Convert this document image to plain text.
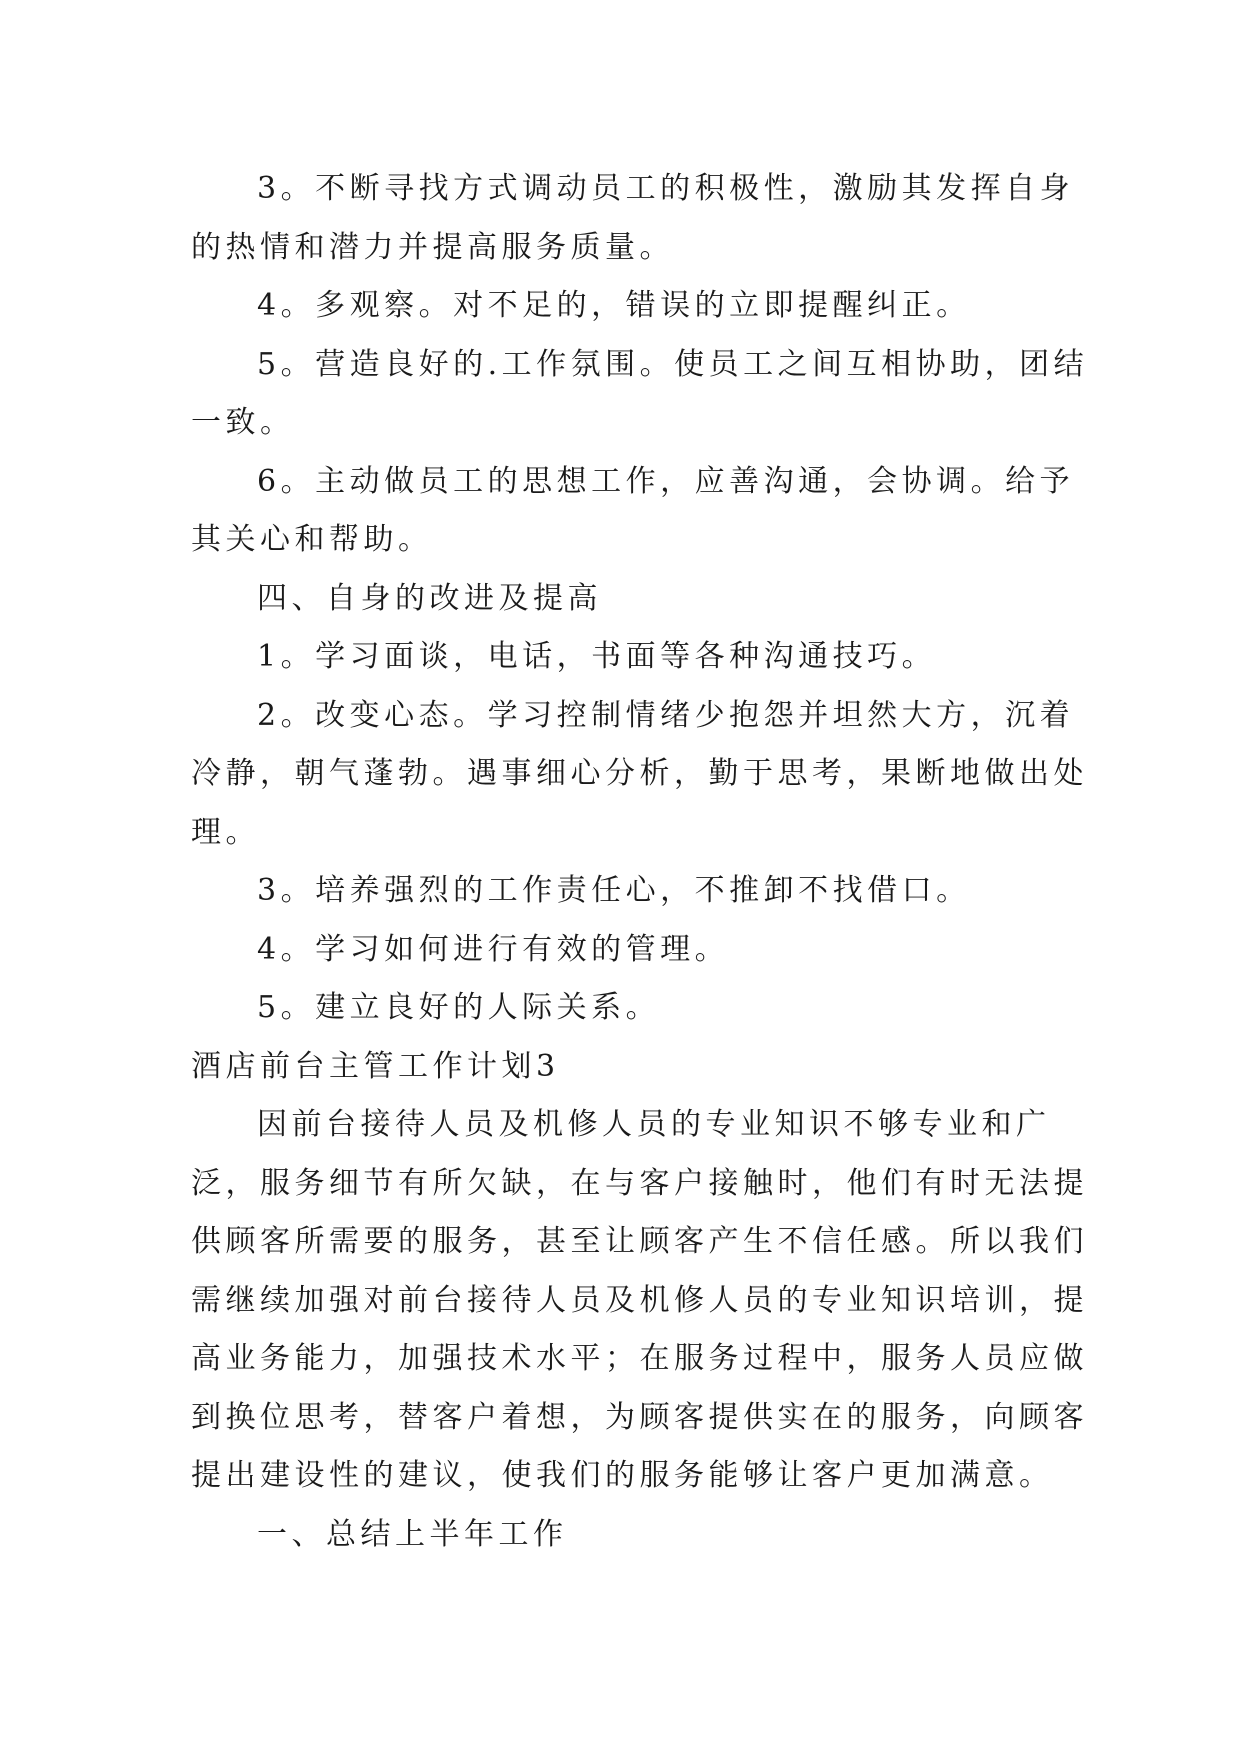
3。不断寻找方式调动员工的积极性，激励其发挥自身

的热情和潜力并提高服务质量。

4。多观察。对不足的，错误的立即提醒纠正。

5。营造良好的.工作氛围。使员工之间互相协助，团结

一致。

6。主动做员工的思想工作，应善沟通，会协调。给予

其关心和帮助。

四、自身的改进及提高

1。学习面谈，电话，书面等各种沟通技巧。

2。改变心态。学习控制情绪少抱怨并坦然大方，沉着

冷静，朝气蓬勃。遇事细心分析，勤于思考，果断地做出处

理。

3。培养强烈的工作责任心，不推卸不找借口。

4。学习如何进行有效的管理。

5。建立良好的人际关系。

酒店前台主管工作计划3

因前台接待人员及机修人员的专业知识不够专业和广

泛，服务细节有所欠缺，在与客户接触时，他们有时无法提

供顾客所需要的服务，甚至让顾客产生不信任感。所以我们

需继续加强对前台接待人员及机修人员的专业知识培训，提

高业务能力，加强技术水平；在服务过程中，服务人员应做

到换位思考，替客户着想，为顾客提供实在的服务，向顾客

提出建设性的建议，使我们的服务能够让客户更加满意。

一、总结上半年工作
